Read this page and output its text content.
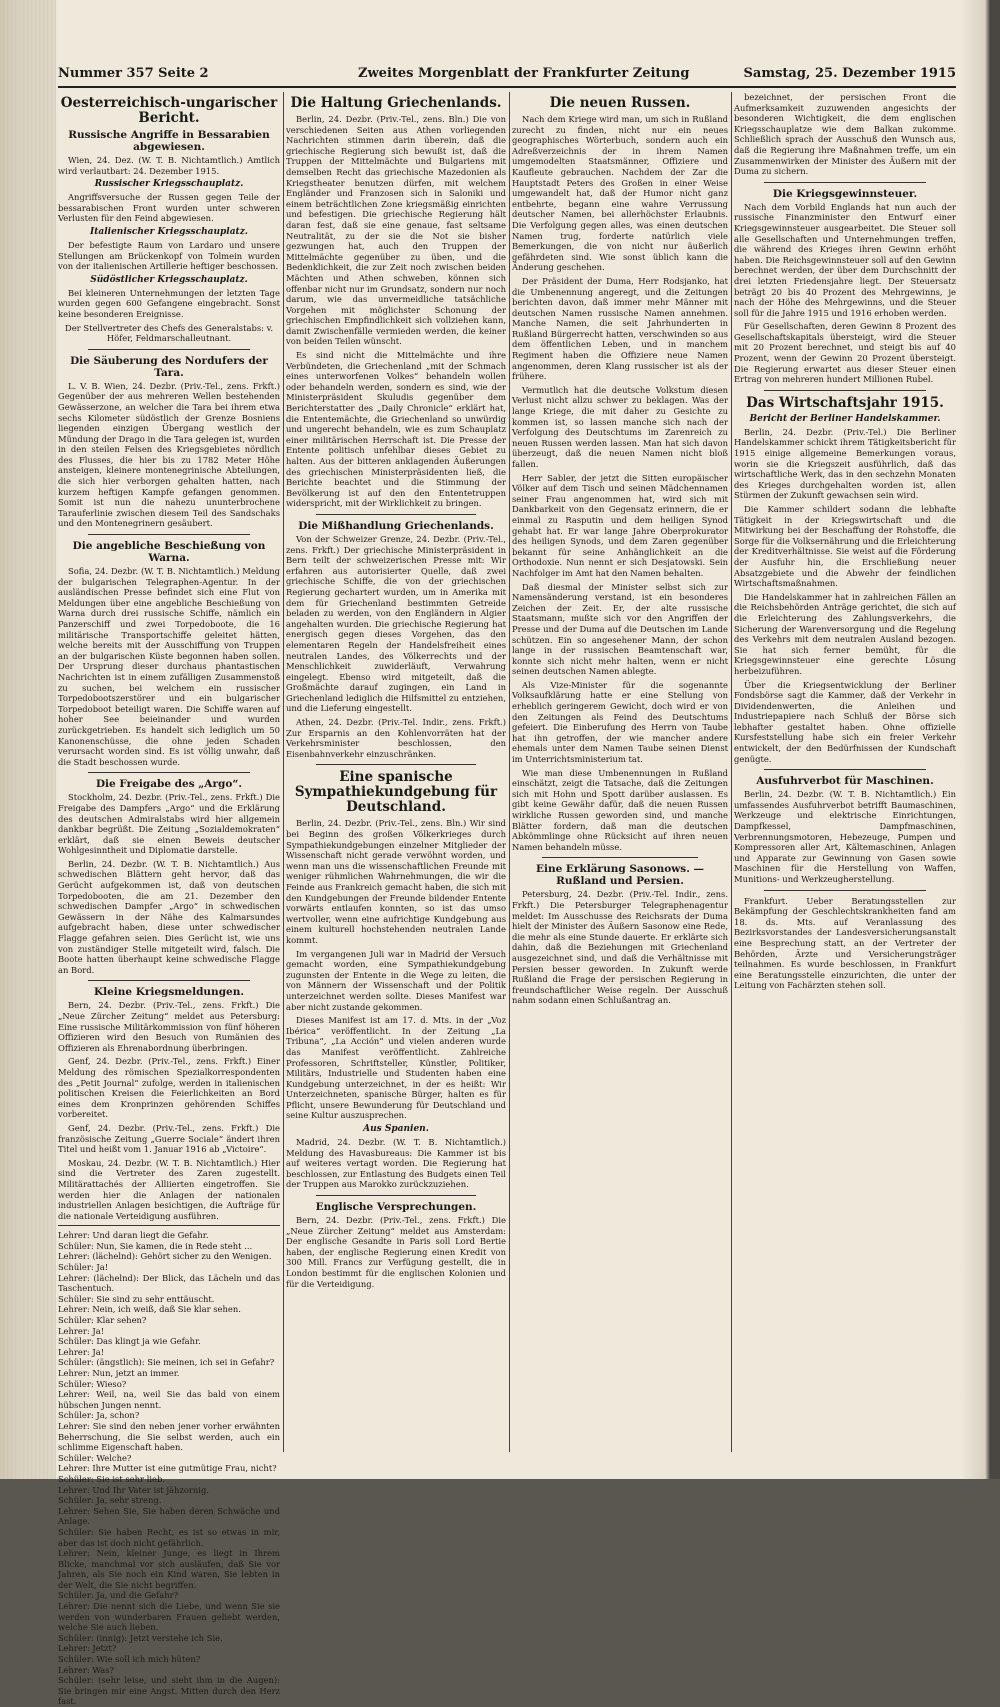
Nummer 357 Seite 2	Zweites Morgenblatt der Frankfurter Zeitung	Samstag, 25. Dezember 1915
Oesterreichisch-ungarischer Bericht.
Russische Angriffe in Bessarabien abgewiesen.

Wien, 24. Dez. (W. T. B. Nichtamtlich.) Amtlich wird verlautbart: 24. Dezember 1915.

Russischer Kriegsschauplatz.

Angriffsversuche der Russen gegen Teile der bessarabischen Front wurden unter schweren Verlusten für den Feind abgewiesen.

Italienischer Kriegsschauplatz.

Der befestigte Raum von Lardaro und unsere Stellungen am Brückenkopf von Tolmein wurden von der italienischen Artillerie heftiger beschossen.

Südöstlicher Kriegsschauplatz.

Bei kleineren Unternehmungen der letzten Tage wurden gegen 600 Gefangene eingebracht. Sonst keine besonderen Ereignisse.

Der Stellvertreter des Chefs des Generalstabs: v. Höfer, Feldmarschalleutnant.

Die Säuberung des Nordufers der Tara.

L. V. B. Wien, 24. Dezbr. (Priv.-Tel., zens. Frkft.) Gegenüber der aus mehreren Wellen bestehenden Gewässerzone, an welcher die Tara bei ihrem etwa sechs Kilometer südöstlich der Grenze Bosniens liegenden einzigen Übergang westlich der Mündung der Drago in die Tara gelegen ist, wurden in den steilen Felsen des Kriegsgebietes nördlich des Flusses, die hier bis zu 1782 Meter Höhe ansteigen, kleinere montenegrinische Abteilungen, die sich hier verborgen gehalten hatten, nach kurzem heftigen Kampfe gefangen genommen. Somit ist nun die nahezu ununterbrochene Tarauferlinie zwischen diesem Teil des Sandschaks und den Montenegrinern gesäubert.

Die angebliche Beschießung von Warna.

Sofia, 24. Dezbr. (W. T. B. Nichtamtlich.) Meldung der bulgarischen Telegraphen-Agentur. In der ausländischen Presse befindet sich eine Flut von Meldungen über eine angebliche Beschießung von Warna durch drei russische Schiffe, nämlich ein Panzerschiff und zwei Torpedoboote, die 16 militärische Transportschiffe geleitet hätten, welche bereits mit der Ausschiffung von Truppen an der bulgarischen Küste begonnen haben sollen. Der Ursprung dieser durchaus phantastischen Nachrichten ist in einem zufälligen Zusammenstoß zu suchen, bei welchem ein russischer Torpedobootszerstörer und ein bulgarischer Torpedoboot beteiligt waren. Die Schiffe waren auf hoher See beieinander und wurden zurückgetrieben. Es handelt sich lediglich um 50 Kanonenschüsse, die ohne jeden Schaden verursacht worden sind. Es ist völlig unwahr, daß die Stadt beschossen wurde.

Die Freigabe des „Argo“.

Stockholm, 24. Dezbr. (Priv.-Tel., zens. Frkft.) Die Freigabe des Dampfers „Argo“ und die Erklärung des deutschen Admiralstabs wird hier allgemein dankbar begrüßt. Die Zeitung „Sozialdemokraten“ erklärt, daß sie einen Beweis deutscher Wohlgesinntheit und Diplomatie darstelle.

Berlin, 24. Dezbr. (W. T. B. Nichtamtlich.) Aus schwedischen Blättern geht hervor, daß das Gerücht aufgekommen ist, daß von deutschen Torpedobooten, die am 21. Dezember den schwedischen Dampfer „Argo“ in schwedischen Gewässern in der Nähe des Kalmarsundes aufgebracht haben, diese unter schwedischer Flagge gefahren seien. Dies Gerücht ist, wie uns von zuständiger Stelle mitgeteilt wird, falsch. Die Boote hatten überhaupt keine schwedische Flagge an Bord.

Kleine Kriegsmeldungen.

Bern, 24. Dezbr. (Priv.-Tel., zens. Frkft.) Die „Neue Zürcher Zeitung“ meldet aus Petersburg: Eine russische Militärkommission von fünf höheren Offizieren wird den Besuch von Rumänien des Offizieren als Ehrenabordnung überbringen.

Genf, 24. Dezbr. (Priv.-Tel., zens. Frkft.) Einer Meldung des römischen Spezialkorrespondenten des „Petit Journal“ zufolge, werden in italienischen politischen Kreisen die Feierlichkeiten an Bord eines dem Kronprinzen gehörenden Schiffes vorbereitet.

Genf, 24. Dezbr. (Priv.-Tel., zens. Frkft.) Die französische Zeitung „Guerre Sociale“ ändert ihren Titel und heißt vom 1. Januar 1916 ab „Victoire“.

Moskau, 24. Dezbr. (W. T. B. Nichtamtlich.) Hier sind die Vertreter des Zaren zugestellt. Militärattachés der Alliierten eingetroffen. Sie werden hier die Anlagen der nationalen industriellen Anlagen besichtigen, die Aufträge für die nationale Verteidigung ausführen.

Lehrer: Und daran liegt die Gefahr.

Schüler: Nun, Sie kamen, die in Rede steht ...

Lehrer: (lächelnd): Gehört sicher zu den Wenigen.

Schüler: Ja!

Lehrer: (lächelnd): Der Blick, das Lächeln und das Taschentuch.

Schüler: Sie sind zu sehr enttäuscht.

Lehrer: Nein, ich weiß, daß Sie klar sehen.

Schüler: Klar sehen?

Lehrer: Ja!

Schüler: Das klingt ja wie Gefahr.

Lehrer: Ja!

Schüler: (ängstlich): Sie meinen, ich sei in Gefahr?

Lehrer: Nun, jetzt an immer.

Schüler: Wieso?

Lehrer: Weil, na, weil Sie das bald von einem hübschen Jungen nennt.

Schüler: Ja, schon?

Lehrer: Sie sind den neben jener vorher erwähnten Beherrschung, die Sie selbst werden, auch ein schlimme Eigenschaft haben.

Schüler: Welche?

Lehrer: Ihre Mutter ist eine gutmütige Frau, nicht?

Schüler: Sie ist sehr lieb.

Lehrer: Und Ihr Vater ist jähzornig.

Schüler: Ja, sehr streng.

Lehrer: Sehen Sie, Sie haben deren Schwäche und Anlage.

Schüler: Sie haben Recht, es ist so etwas in mir, aber das ist doch nicht gefährlich.

Lehrer: Nein, kleiner Junge, es liegt in Ihrem Blicke, manchmal vor sich ausläufen, daß Sie vor Jahren, als Sie noch ein Kind waren, Sie lebten in der Welt, die Sie nicht begriffen.

Schüler: Ja, und die Gefahr?

Lehrer: Die nennt sich die Liebe, und wenn Sie sie werden von wunderbaren Frauen geliebt werden, welche Sie auch lieben.

Schüler: (innig): Jetzt verstehe ich Sie.

Lehrer: Jetzt?

Schüler: Wie soll ich mich hüten?

Lehrer: Was?

Schüler: (sehr leise, und sieht ihm in die Augen): Sie bringen mir eine Angst. Mitten durch den Herz fast.

Die Haltung Griechenlands.

Berlin, 24. Dezbr. (Priv.-Tel., zens. Bln.) Die von verschiedenen Seiten aus Athen vorliegenden Nachrichten stimmen darin überein, daß die griechische Regierung sich bewußt ist, daß die Truppen der Mittelmächte und Bulgariens mit demselben Recht das griechische Mazedonien als Kriegstheater benutzen dürfen, mit welchem Engländer und Franzosen sich in Saloniki und einem beträchtlichen Zone kriegsmäßig einrichten und befestigen. Die griechische Regierung hält daran fest, daß sie eine genaue, fast seltsame Neutralität, zu der sie die Not sie bisher gezwungen hat, auch den Truppen der Mittelmächte gegenüber zu üben, und die Bedenklichkeit, die zur Zeit noch zwischen beiden Mächten und Athen schweben, können sich offenbar nicht nur im Grundsatz, sondern nur noch darum, wie das unvermeidliche tatsächliche Vorgehen mit möglichster Schonung der griechischen Empfindlichkeit sich vollziehen kann, damit Zwischenfälle vermieden werden, die keiner von beiden Teilen wünscht.

Es sind nicht die Mittelmächte und ihre Verbündeten, die Griechenland „mit der Schmach eines unterworfenen Volkes“ behandeln wollen oder behandeln werden, sondern es sind, wie der Ministerpräsident Skuludis gegenüber dem Berichterstatter des „Daily Chronicle“ erklärt hat, die Ententemächte, die Griechenland so unwürdig und ungerecht behandeln, wie es zum Schauplatz einer militärischen Herrschaft ist. Die Presse der Entente politisch unfehlbar dieses Gebiet zu halten. Aus der bitteren anklagenden Äußerungen des griechischen Ministerpräsidenten ließ, die Berichte beachtet und die Stimmung der Bevölkerung ist auf den den Ententetruppen widerspricht, mit der Wirklichkeit zu bringen.

Die Mißhandlung Griechenlands.

Von der Schweizer Grenze, 24. Dezbr. (Priv.-Tel., zens. Frkft.) Der griechische Ministerpräsident in Bern teilt der schweizerischen Presse mit: Wir erfahren aus autorisierter Quelle, daß zwei griechische Schiffe, die von der griechischen Regierung gechartert wurden, um in Amerika mit dem für Griechenland bestimmten Getreide beladen zu werden, von den Engländern in Algier angehalten wurden. Die griechische Regierung hat energisch gegen dieses Vorgehen, das den elementaren Regeln der Handelsfreiheit eines neutralen Landes, des Völkerrechts und der Menschlichkeit zuwiderläuft, Verwahrung eingelegt. Ebenso wird mitgeteilt, daß die Großmächte darauf zugingen, ein Land in Griechenland lediglich die Hilfsmittel zu entziehen, und die Lieferung eingestellt.

Athen, 24. Dezbr. (Priv.-Tel. Indir., zens. Frkft.) Zur Ersparnis an den Kohlenvorräten hat der Verkehrsminister beschlossen, den Eisenbahnverkehr einzuschränken.

Eine spanische Sympathiekundgebung für Deutschland.

Berlin, 24. Dezbr. (Priv.-Tel., zens. Bln.) Wir sind bei Beginn des großen Völkerkrieges durch Sympathiekundgebungen einzelner Mitglieder der Wissenschaft nicht gerade verwöhnt worden, und wenn man uns die wissenschaftlichen Freunde mit weniger rühmlichen Wahrnehmungen, die wir die Feinde aus Frankreich gemacht haben, die sich mit den Kundgebungen der Freunde bildender Entente vorwärts entlaufen konnten, so ist das umso wertvoller, wenn eine aufrichtige Kundgebung aus einem kulturell hochstehenden neutralen Lande kommt.

Im vergangenen Juli war in Madrid der Versuch gemacht worden, eine Sympathiekundgebung zugunsten der Entente in die Wege zu leiten, die von Männern der Wissenschaft und der Politik unterzeichnet werden sollte. Dieses Manifest war aber nicht zustande gekommen.

Dieses Manifest ist am 17. d. Mts. in der „Voz Ibérica“ veröffentlicht. In der Zeitung „La Tribuna“, „La Acción“ und vielen anderen wurde das Manifest veröffentlicht. Zahlreiche Professoren, Schriftsteller, Künstler, Politiker, Militärs, Industrielle und Studenten haben eine Kundgebung unterzeichnet, in der es heißt: Wir Unterzeichneten, spanische Bürger, halten es für Pflicht, unsere Bewunderung für Deutschland und seine Kultur auszusprechen.

Aus Spanien.

Madrid, 24. Dezbr. (W. T. B. Nichtamtlich.) Meldung des Havasbureaus: Die Kammer ist bis auf weiteres vertagt worden. Die Regierung hat beschlossen, zur Entlastung des Budgets einen Teil der Truppen aus Marokko zurückzuziehen.

Englische Versprechungen.

Bern, 24. Dezbr. (Priv.-Tel., zens. Frkft.) Die „Neue Zürcher Zeitung“ meldet aus Amsterdam: Der englische Gesandte in Paris soll Lord Bertie haben, der englische Regierung einen Kredit von 300 Mill. Francs zur Verfügung gestellt, die in London bestimmt für die englischen Kolonien und für die Verteidigung.

Die neuen Russen.

Nach dem Kriege wird man, um sich in Rußland zurecht zu finden, nicht nur ein neues geographisches Wörterbuch, sondern auch ein Adreßverzeichnis der in ihrem Namen umgemodelten Staatsmänner, Offiziere und Kaufleute gebrauchen. Nachdem der Zar die Hauptstadt Peters des Großen in einer Weise umgewandelt hat, daß der Humor nicht ganz entbehrte, begann eine wahre Verrussung deutscher Namen, bei allerhöchster Erlaubnis. Die Verfolgung gegen alles, was einen deutschen Namen trug, forderte natürlich viele Bemerkungen, die von nicht nur äußerlich gefährdeten sind. Wie sonst üblich kann die Änderung geschehen.

Der Präsident der Duma, Herr Rodsjanko, hat die Umbenennung angeregt, und die Zeitungen berichten davon, daß immer mehr Männer mit deutschen Namen russische Namen annehmen. Manche Namen, die seit Jahrhunderten in Rußland Bürgerrecht hatten, verschwinden so aus dem öffentlichen Leben, und in manchem Regiment haben die Offiziere neue Namen angenommen, deren Klang russischer ist als der frühere.

Vermutlich hat die deutsche Volkstum diesen Verlust nicht allzu schwer zu beklagen. Was der lange Kriege, die mit daher zu Gesichte zu kommen ist, so lassen manche sich nach der Verfolgung des Deutschtums im Zarenreich zu neuen Russen werden lassen. Man hat sich davon überzeugt, daß die neuen Namen nicht bloß fallen.

Herr Sabler, der jetzt die Sitten europäischer Völker auf dem Tisch und seinen Mädchennamen seiner Frau angenommen hat, wird sich mit Dankbarkeit von den Gegensatz erinnern, die er einmal zu Rasputin und dem heiligen Synod gehabt hat. Er war lange Jahre Oberprokurator des heiligen Synods, und dem Zaren gegenüber bekannt für seine Anhänglichkeit an die Orthodoxie. Nun nennt er sich Desjatowski. Sein Nachfolger im Amt hat den Namen behalten.

Daß diesmal der Minister selbst sich zur Namensänderung verstand, ist ein besonderes Zeichen der Zeit. Er, der alte russische Staatsmann, mußte sich vor den Angriffen der Presse und der Duma auf die Deutschen im Lande schützen. Ein so angesehener Mann, der schon lange in der russischen Beamtenschaft war, konnte sich nicht mehr halten, wenn er nicht seinen deutschen Namen ablegte.

Als Vize-Minister für die sogenannte Volksaufklärung hatte er eine Stellung von erheblich geringerem Gewicht, doch wird er von den Zeitungen als Feind des Deutschtums gefeiert. Die Einberufung des Herrn von Taube hat ihn getroffen, der wie mancher andere ehemals unter dem Namen Taube seinen Dienst im Unterrichtsministerium tat.

Wie man diese Umbenennungen in Rußland einschätzt, zeigt die Tatsache, daß die Zeitungen sich mit Hohn und Spott darüber auslassen. Es gibt keine Gewähr dafür, daß die neuen Russen wirkliche Russen geworden sind, und manche Blätter fordern, daß man die deutschen Abkömmlinge ohne Rücksicht auf ihren neuen Namen behandeln müsse.

Eine Erklärung Sasonows. — Rußland und Persien.

Petersburg, 24. Dezbr. (Priv.-Tel. Indir., zens. Frkft.) Die Petersburger Telegraphenagentur meldet: Im Ausschusse des Reichsrats der Duma hielt der Minister des Äußern Sasonow eine Rede, die mehr als eine Stunde dauerte. Er erklärte sich dahin, daß die Beziehungen mit Griechenland ausgezeichnet sind, und daß die Verhältnisse mit Persien besser geworden. In Zukunft werde Rußland die Frage der persischen Regierung in freundschaftlicher Weise regeln. Der Ausschuß nahm sodann einen Schlußantrag an.

bezeichnet, der persischen Front die Aufmerksamkeit zuzuwenden angesichts der besonderen Wichtigkeit, die dem englischen Kriegsschauplatze wie dem Balkan zukomme. Schließlich sprach der Ausschuß den Wunsch aus, daß die Regierung ihre Maßnahmen treffe, um ein Zusammenwirken der Minister des Äußern mit der Duma zu sichern.

Die Kriegsgewinnsteuer.

Nach dem Vorbild Englands hat nun auch der russische Finanzminister den Entwurf einer Kriegsgewinnsteuer ausgearbeitet. Die Steuer soll alle Gesellschaften und Unternehmungen treffen, die während des Krieges ihren Gewinn erhöht haben. Die Reichsgewinnsteuer soll auf den Gewinn berechnet werden, der über dem Durchschnitt der drei letzten Friedensjahre liegt. Der Steuersatz beträgt 20 bis 40 Prozent des Mehrgewinns, je nach der Höhe des Mehrgewinns, und die Steuer soll für die Jahre 1915 und 1916 erhoben werden.

Für Gesellschaften, deren Gewinn 8 Prozent des Gesellschaftskapitals übersteigt, wird die Steuer mit 20 Prozent berechnet, und steigt bis auf 40 Prozent, wenn der Gewinn 20 Prozent übersteigt. Die Regierung erwartet aus dieser Steuer einen Ertrag von mehreren hundert Millionen Rubel.

Das Wirtschaftsjahr 1915.
Bericht der Berliner Handelskammer.

Berlin, 24. Dezbr. (Priv.-Tel.) Die Berliner Handelskammer schickt ihrem Tätigkeitsbericht für 1915 einige allgemeine Bemerkungen voraus, worin sie die Kriegszeit ausführlich, daß das wirtschaftliche Werk, das in den sechzehn Monaten des Krieges durchgehalten worden ist, allen Stürmen der Zukunft gewachsen sein wird.

Die Kammer schildert sodann die lebhafte Tätigkeit in der Kriegswirtschaft und die Mitwirkung bei der Beschaffung der Rohstoffe, die Sorge für die Volksernährung und die Erleichterung der Kreditverhältnisse. Sie weist auf die Förderung der Ausfuhr hin, die Erschließung neuer Absatzgebiete und die Abwehr der feindlichen Wirtschaftsmaßnahmen.

Die Handelskammer hat in zahlreichen Fällen an die Reichsbehörden Anträge gerichtet, die sich auf die Erleichterung des Zahlungsverkehrs, die Sicherung der Warenversorgung und die Regelung des Verkehrs mit dem neutralen Ausland bezogen. Sie hat sich ferner bemüht, für die Kriegsgewinnsteuer eine gerechte Lösung herbeizuführen.

Über die Kriegsentwicklung der Berliner Fondsbörse sagt die Kammer, daß der Verkehr in Dividendenwerten, die Anleihen und Industriepapiere nach Schluß der Börse sich lebhafter gestaltet haben. Ohne offizielle Kursfeststellung habe sich ein freier Verkehr entwickelt, der den Bedürfnissen der Kundschaft genügte.

Ausfuhrverbot für Maschinen.

Berlin, 24. Dezbr. (W. T. B. Nichtamtlich.) Ein umfassendes Ausfuhrverbot betrifft Baumaschinen, Werkzeuge und elektrische Einrichtungen, Dampfkessel, Dampfmaschinen, Verbrennungsmotoren, Hebezeuge, Pumpen und Kompressoren aller Art, Kältemaschinen, Anlagen und Apparate zur Gewinnung von Gasen sowie Maschinen für die Herstellung von Waffen, Munitions- und Werkzeugherstellung.

Frankfurt. Ueber Beratungsstellen zur Bekämpfung der Geschlechtskrankheiten fand am 18. ds. Mts. auf Veranlassung des Bezirksvorstandes der Landesversicherungsanstalt eine Besprechung statt, an der Vertreter der Behörden, Ärzte und Versicherungsträger teilnahmen. Es wurde beschlossen, in Frankfurt eine Beratungsstelle einzurichten, die unter der Leitung von Fachärzten stehen soll.
